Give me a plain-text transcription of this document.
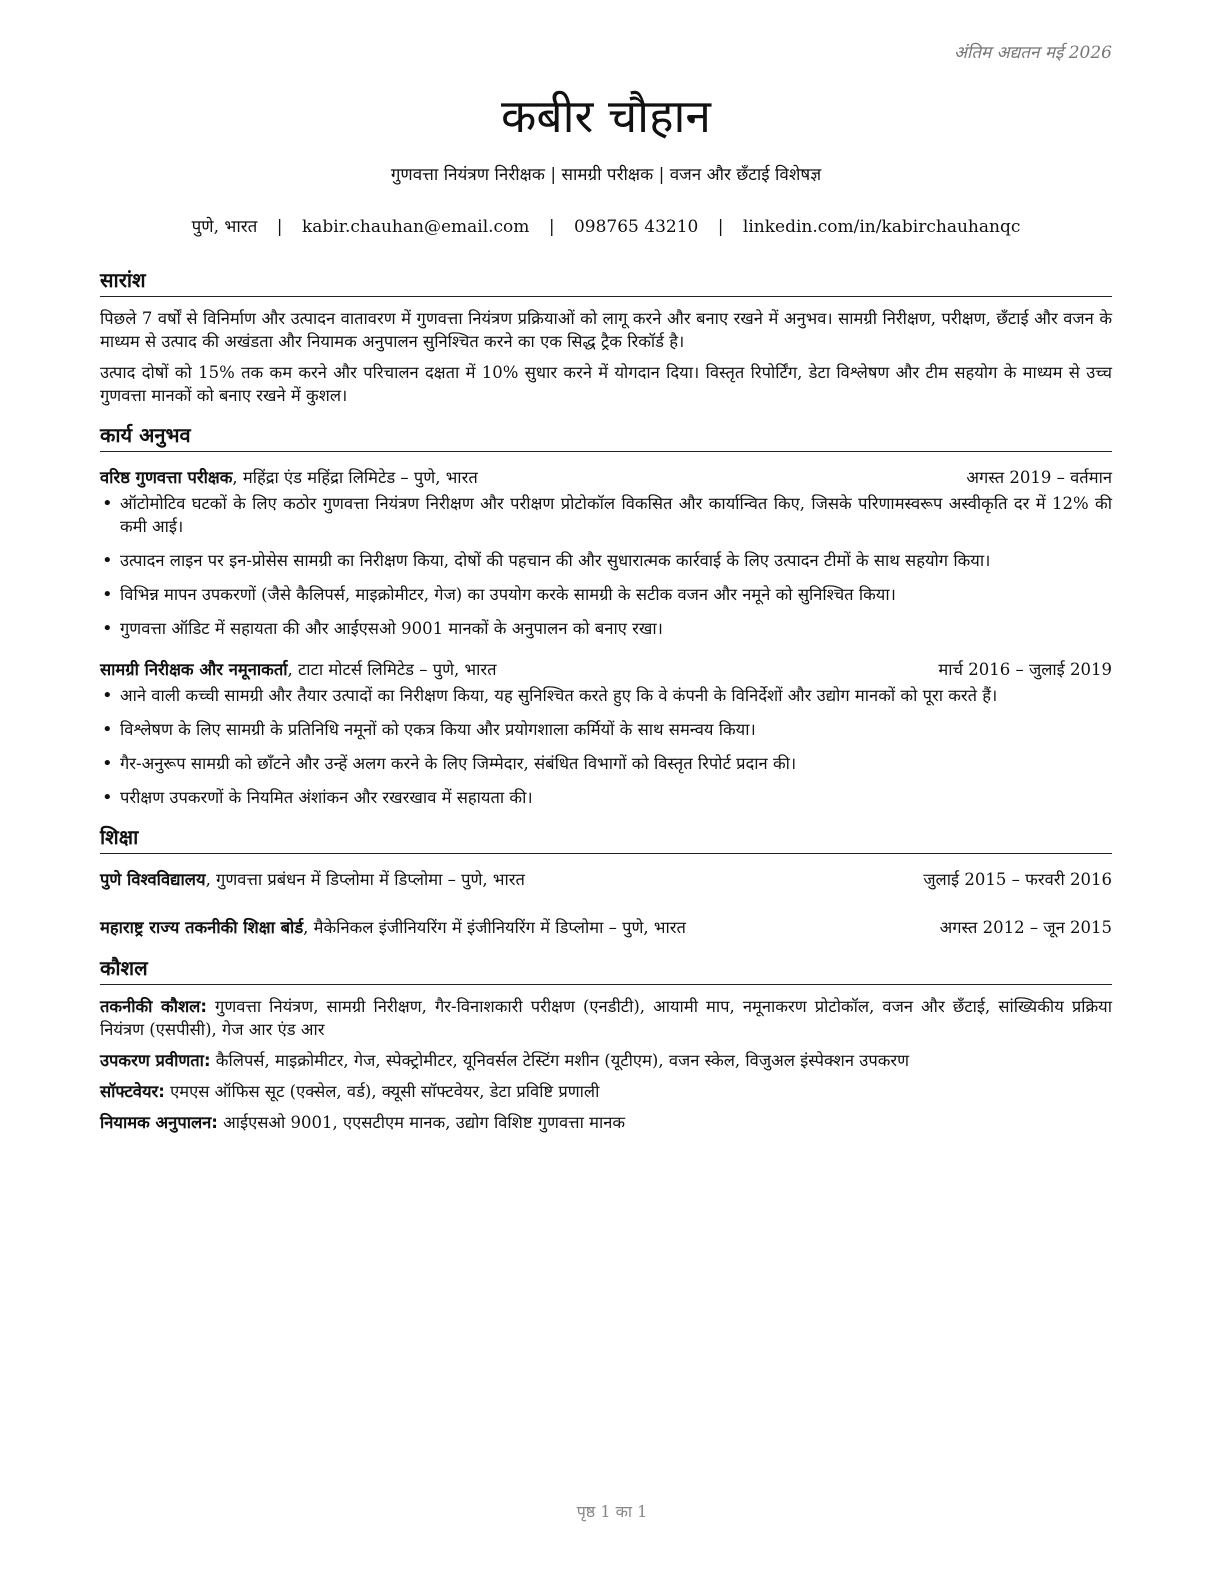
अंतिम अद्यतन मई 2026
कबीर चौहान
गुणवत्ता नियंत्रण निरीक्षक | सामग्री परीक्षक | वजन और छँटाई विशेषज्ञ
पुणे, भारत | kabir.chauhan@email.com | 098765 43210 | linkedin.com/in/kabirchauhanqc
सारांश

पिछले 7 वर्षों से विनिर्माण और उत्पादन वातावरण में गुणवत्ता नियंत्रण प्रक्रियाओं को लागू करने और बनाए रखने में अनुभव। सामग्री निरीक्षण, परीक्षण, छँटाई और वजन के माध्यम से उत्पाद की अखंडता और नियामक अनुपालन सुनिश्चित करने का एक सिद्ध ट्रैक रिकॉर्ड है।

उत्पाद दोषों को 15% तक कम करने और परिचालन दक्षता में 10% सुधार करने में योगदान दिया। विस्तृत रिपोर्टिंग, डेटा विश्लेषण और टीम सहयोग के माध्यम से उच्च गुणवत्ता मानकों को बनाए रखने में कुशल।

कार्य अनुभव
वरिष्ठ गुणवत्ता परीक्षक, महिंद्रा एंड महिंद्रा लिमिटेड – पुणे, भारत	अगस्त 2019 – वर्तमान
• ऑटोमोटिव घटकों के लिए कठोर गुणवत्ता नियंत्रण निरीक्षण और परीक्षण प्रोटोकॉल विकसित और कार्यान्वित किए, जिसके परिणामस्वरूप अस्वीकृति दर में 12% की कमी आई।
• उत्पादन लाइन पर इन-प्रोसेस सामग्री का निरीक्षण किया, दोषों की पहचान की और सुधारात्मक कार्रवाई के लिए उत्पादन टीमों के साथ सहयोग किया।
• विभिन्न मापन उपकरणों (जैसे कैलिपर्स, माइक्रोमीटर, गेज) का उपयोग करके सामग्री के सटीक वजन और नमूने को सुनिश्चित किया।
• गुणवत्ता ऑडिट में सहायता की और आईएसओ 9001 मानकों के अनुपालन को बनाए रखा।
सामग्री निरीक्षक और नमूनाकर्ता, टाटा मोटर्स लिमिटेड – पुणे, भारत	मार्च 2016 – जुलाई 2019
• आने वाली कच्ची सामग्री और तैयार उत्पादों का निरीक्षण किया, यह सुनिश्चित करते हुए कि वे कंपनी के विनिर्देशों और उद्योग मानकों को पूरा करते हैं।
• विश्लेषण के लिए सामग्री के प्रतिनिधि नमूनों को एकत्र किया और प्रयोगशाला कर्मियों के साथ समन्वय किया।
• गैर-अनुरूप सामग्री को छाँटने और उन्हें अलग करने के लिए जिम्मेदार, संबंधित विभागों को विस्तृत रिपोर्ट प्रदान की।
• परीक्षण उपकरणों के नियमित अंशांकन और रखरखाव में सहायता की।
शिक्षा
पुणे विश्वविद्यालय, गुणवत्ता प्रबंधन में डिप्लोमा में डिप्लोमा – पुणे, भारत	जुलाई 2015 – फरवरी 2016
महाराष्ट्र राज्य तकनीकी शिक्षा बोर्ड, मैकेनिकल इंजीनियरिंग में इंजीनियरिंग में डिप्लोमा – पुणे, भारत	अगस्त 2012 – जून 2015
कौशल
तकनीकी कौशल: गुणवत्ता नियंत्रण, सामग्री निरीक्षण, गैर-विनाशकारी परीक्षण (एनडीटी), आयामी माप, नमूनाकरण प्रोटोकॉल, वजन और छँटाई, सांख्यिकीय प्रक्रिया नियंत्रण (एसपीसी), गेज आर एंड आर
उपकरण प्रवीणता: कैलिपर्स, माइक्रोमीटर, गेज, स्पेक्ट्रोमीटर, यूनिवर्सल टेस्टिंग मशीन (यूटीएम), वजन स्केल, विजुअल इंस्पेक्शन उपकरण
सॉफ्टवेयर: एमएस ऑफिस सूट (एक्सेल, वर्ड), क्यूसी सॉफ्टवेयर, डेटा प्रविष्टि प्रणाली
नियामक अनुपालन: आईएसओ 9001, एएसटीएम मानक, उद्योग विशिष्ट गुणवत्ता मानक
पृष्ठ 1 का 1
